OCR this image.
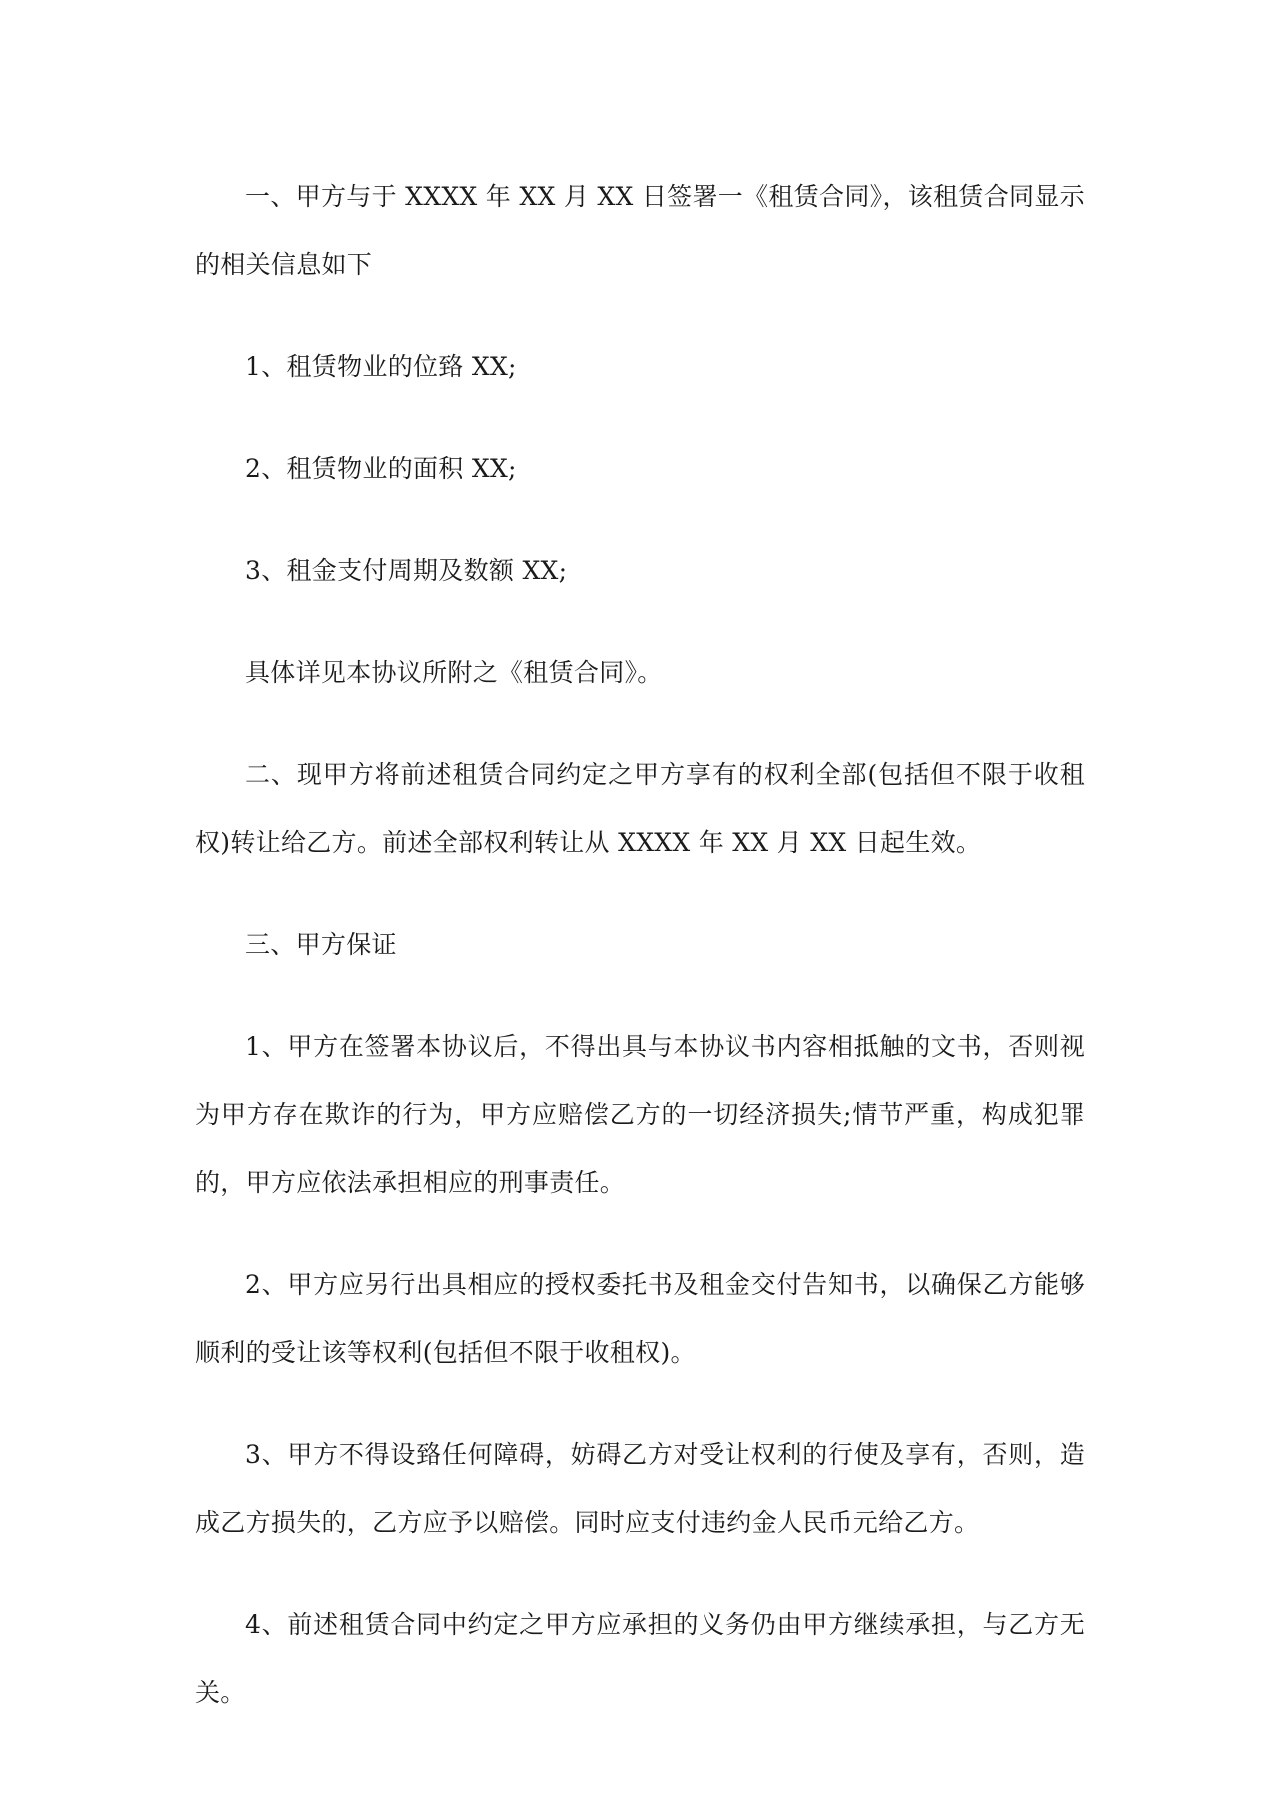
一、甲方与于 XXXX 年 XX 月 XX 日签署一《租赁合同》，该租赁合同显示的相关信息如下

1、租赁物业的位臵 XX;

2、租赁物业的面积 XX;

3、租金支付周期及数额 XX;

具体详见本协议所附之《租赁合同》。

二、现甲方将前述租赁合同约定之甲方享有的权利全部(包括但不限于收租权)转让给乙方。前述全部权利转让从 XXXX 年 XX 月 XX 日起生效。

三、甲方保证

1、甲方在签署本协议后，不得出具与本协议书内容相抵触的文书，否则视为甲方存在欺诈的行为，甲方应赔偿乙方的一切经济损失;情节严重，构成犯罪的，甲方应依法承担相应的刑事责任。

2、甲方应另行出具相应的授权委托书及租金交付告知书，以确保乙方能够顺利的受让该等权利(包括但不限于收租权)。

3、甲方不得设臵任何障碍，妨碍乙方对受让权利的行使及享有，否则，造成乙方损失的，乙方应予以赔偿。同时应支付违约金人民币元给乙方。

4、前述租赁合同中约定之甲方应承担的义务仍由甲方继续承担，与乙方无关。
